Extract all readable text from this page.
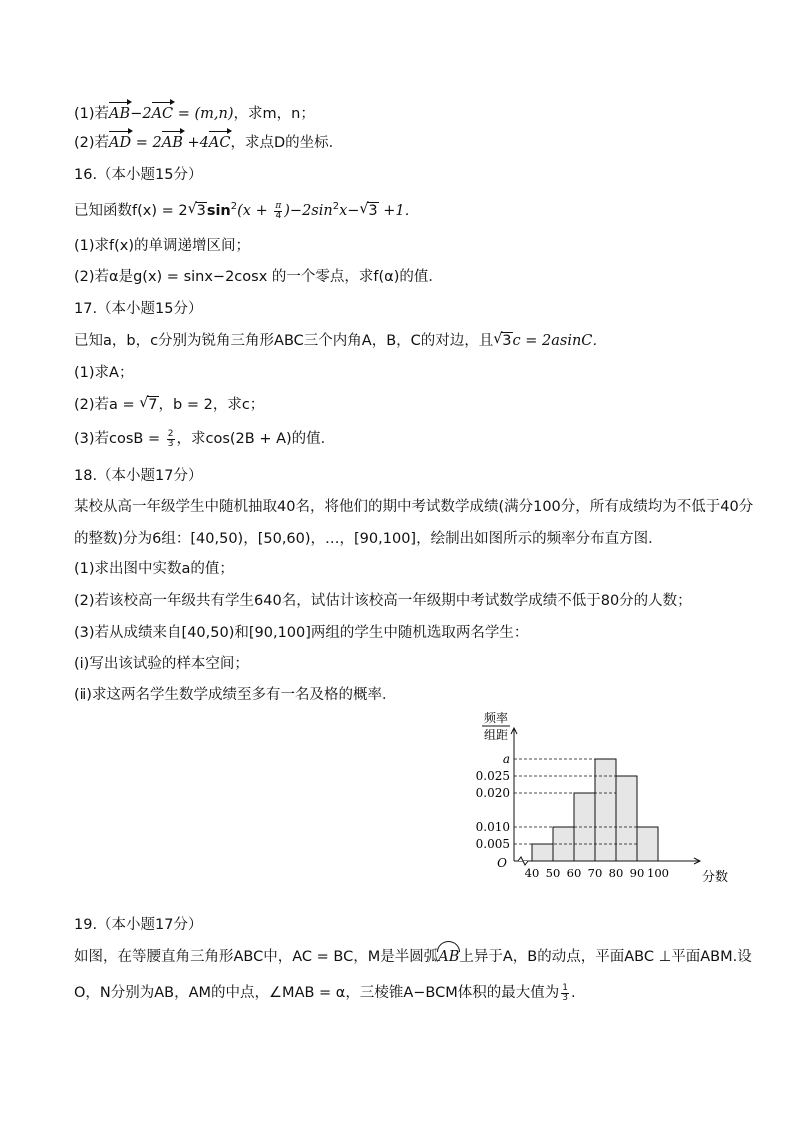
(1)若AB−2AC = (m,n)，求m，n；
(2)若AD = 2AB +4AC，求点D的坐标．
16.（本小题15分）
已知函数f(x) = 2√ $3\sin^2(x + \frac{\pi}{4} )-2\sin^2x-√$ 3 +1．
(1)求f(x)的单调递增区间；
(2)若α是g(x) = sinx−2cosx 的一个零点，求f(α)的值．
17.（本小题15分）
已知a，b，c分别为锐角三角形ABC三个内角A，B，C的对边，且√ 3c = 2asinC．
(1)求A；
(2)若a = √ 7，b = 2，求c；
(3)若$\cos B = \frac{2}{3}$ ，求cos(2B + A)的值．
18.（本小题17分）
某校从高一年级学生中随机抽取40名，将他们的期中考试数学成绩(满分100分，所有成绩均为不低于40分
的整数)分为6组：[40,50)，[50,60)，…，[90,100]，绘制出如图所示的频率分布直方图．
(1)求出图中实数a的值；
(2)若该校高一年级共有学生640名，试估计该校高一年级期中考试数学成绩不低于80分的人数；
(3)若从成绩来自[40,50)和[90,100]两组的学生中随机选取两名学生：
(ⅰ)写出该试验的样本空间；
(ⅱ)求这两名学生数学成绩至多有一名及格的概率．
频率
组距
a
0.025
0.020
0.010
0.005
O
40 50 60 70 80 90 100	分数
19.（本小题17分）
如图，在等腰直角三角形ABC中，AC = BC，M是半圆弧AB上异于A，B的动点，平面ABC ⊥平面ABM.设
O，N分别为AB，AM的中点，∠MAB = α，三棱锥A−BCM体积的最大值为 $\frac{1}{3}$ .
